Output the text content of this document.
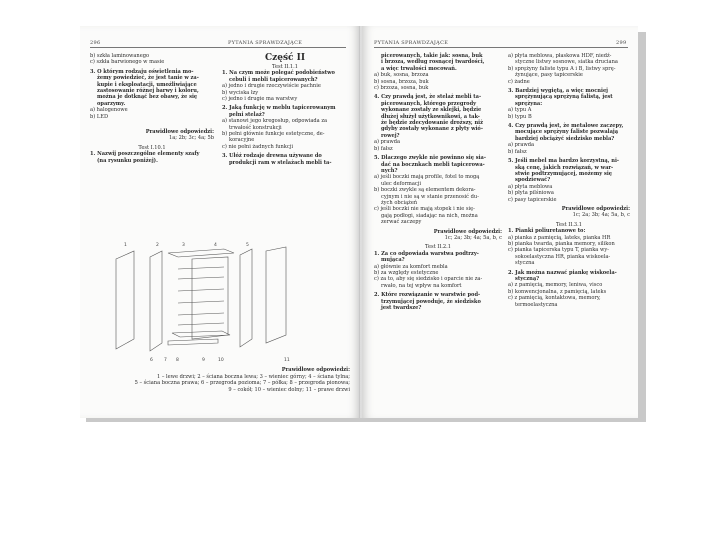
296	PYTANIA SPRAWDZAJĄCE

b) szkła laminowanego

c) szkła barwionego w masie

3. O którym rodzaju oświetlenia mo-

żemy powiedzieć, że jest tanie w za-

kupie i eksploatacji, umożliwiające

zastosowanie różnej barwy i koloru,

można je dotknąć bez obawy, że się

oparzymy.

a) halogenowe

b) LED

Prawidłowe odpowiedzi:

1a; 2b; 3c; 4a; 5b

Test I.10.1

1. Nazwij poszczególne elementy szafy

(na rysunku poniżej).

Część II

Test II.1.1

1. Na czym może polegać podobieństwo

cebuli i mebli tapicerowanych?

a) jedno i drugie rzeczywiście pachnie

b) wyciska łzy

c) jedno i drugie ma warstwy

2. Jaką funkcję w meblu tapicerowanym

pełni stelaż?

a) stanowi jego kregosłup, odpowiada za

trwałość konstrukcji

b) pełni głównie funkcje estetyczne, de-

koracyjne

c) nie pełni żadnych funkcji

3. Ułóż rodzaje drewna używane do

produkcji ram w stelażach mebli ta-

1	2	3	4	5
6 7 8	9	10	11

Prawidłowe odpowiedzi:

1 – lewe drzwi; 2 – ściana boczna lewa; 3 – wieniec górny; 4 – ściana tylna;

5 – ściana boczna prawa; 6 – przegroda pozioma; 7 – półka; 8 – przegroda pionowa;

9 – cokół; 10 – wieniec dolny; 11 – prawe drzwi

PYTANIA SPRAWDZAJĄCE	299

picerowanych, takie jak: sosna, buk

i brzoza, według rosnącej twardości,

a więc trwałości mocowań.

a) buk, sosna, brzoza

b) sosna, brzoza, buk

c) brzoza, sosna, buk

4. Czy prawdą jest, że stelaż mebli ta-

picerowanych, którego przegrody

wykonane zostały ze sklejki, będzie

dłużej służył użytkownikowi, a tak-

że będzie zdecydowanie droższy, niż

gdyby zostały wykonane z płyty wió-

rowej?

a) prawda

b) fałsz

5. Dlaczego zwykle nie powinno się sia-

dać na bocznkach mebli tapicerowa-

nych?

a) jeśli boczki mają profile, fotel to mogą

ulec deformacji

b) boczki zwykle są elementem dekora-

cyjnym i nie są w stanie przenosić du-

żych obciążeń

c) jeśli boczki nie mają stopek i nie się-

gają podłogi, siadając na nich, można

zerwać zaczepy

Prawidłowe odpowiedzi:

1c; 2a; 3b; 4a; 5a, b, c

Test II.2.1

1. Za co odpowiada warstwa podtrzy-

mująca?

a) głównie za komfort mebla

b) za względy estetyczne

c) za to, aby się siedzisko i oparcie nie za-

rwało, na tej wpływ na komfort

2. Które rozwiązanie w warstwie pod-

trzymującej powoduje, że siedzisko

jest twardsze?

a) płyta meblowa, płaskowa HDF, niedź-

styczne listwy sosnowe, siatka druciana

b) sprężyny faliste typu A i B, listwy sprę-

żynujące, pasy tapicerskie

c) żadne

3. Bardziej wygiętą, a więc mocniej

sprężynującą sprężyną falistą, jest

sprężyna:

a) typu A

b) typu B

4. Czy prawdą jest, że metalowe zaczepy,

mocujące sprężyny faliste pozwalają

bardziej obciążyć siedzisko mebla?

a) prawda

b) fałsz

5. Jeśli mebel ma bardzo korzystną, ni-

ską cenę, jakich rozwiązań, w war-

stwie podtrzymującej, możemy się

spodziewać?

a) płyta meblowa

b) płyta pilśniowa

c) pasy tapicerskie

Prawidłowe odpowiedzi:

1c; 2a; 3b; 4a; 5a, b, c

Test II.3.1

1. Pianki poliuretanowe to:

a) pianka z pamięcią, lateks, pianka HR

b) pianka twarda, pianka memory, silikon

c) pianka tapicerska typu T, pianka wy-

sokoelastyczna HR, pianka wiskoela-

styczna

2. Jak można nazwać piankę wiskoela-

styczną?

a) z pamięcią, memory, leniwa, visco

b) konwencjonalna, z pamięcią, lateks

c) z pamięcią, kontaktowa, memory,

termoelastyczna
